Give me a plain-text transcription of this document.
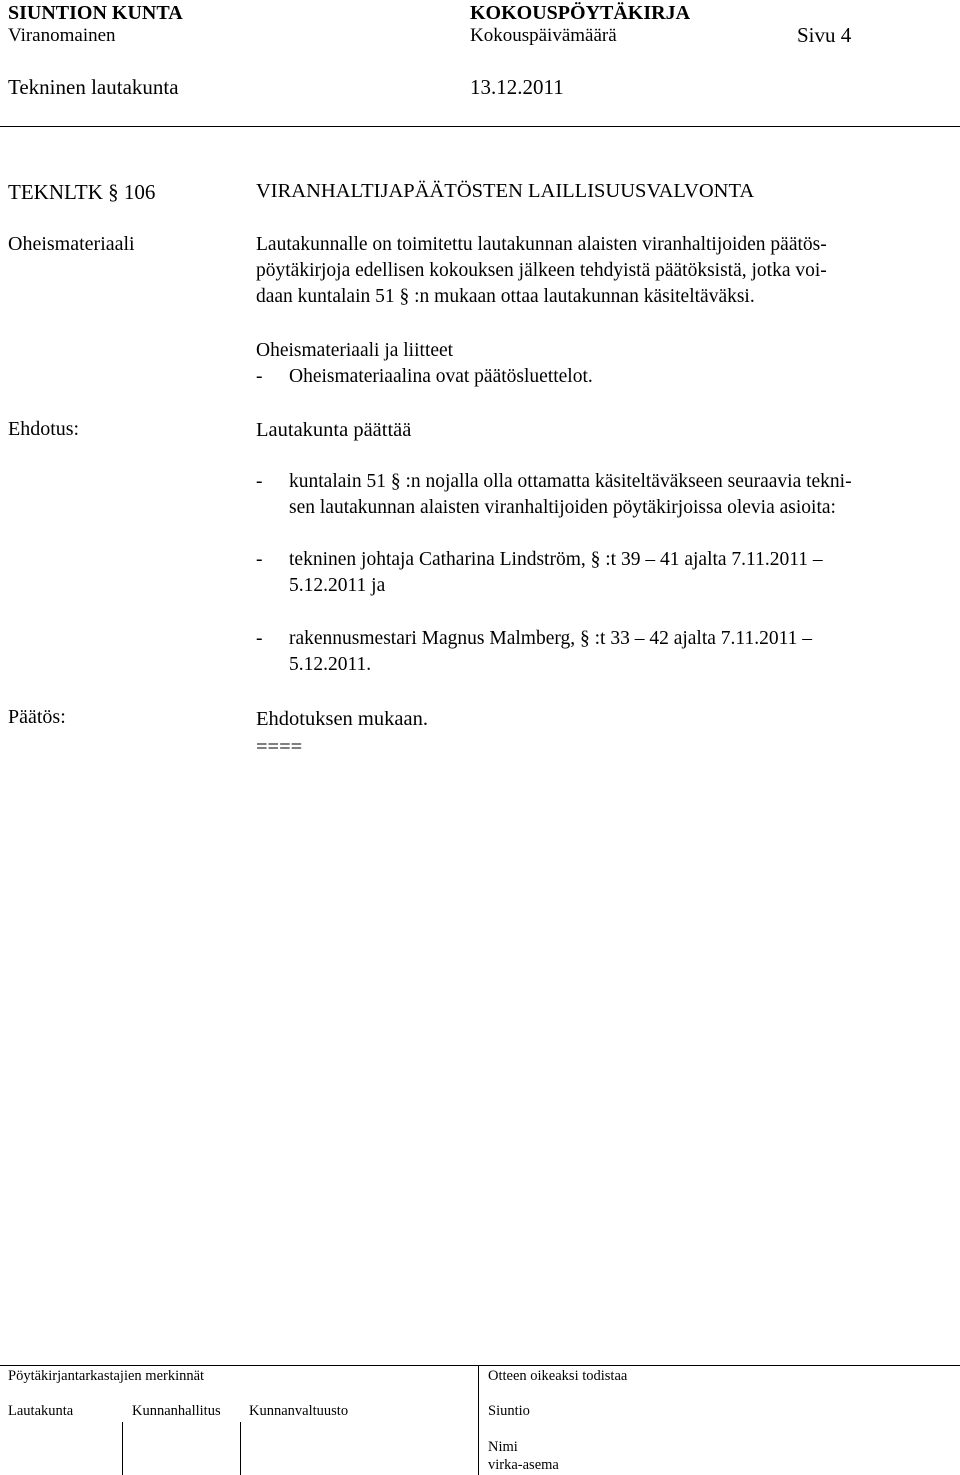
SIUNTION KUNTA	KOKOUSPÖYTÄKIRJA
Viranomainen	Kokouspäivämäärä	Sivu 4
Tekninen lautakunta	13.12.2011
TEKNLTK § 106	VIRANHALTIJAPÄÄTÖSTEN LAILLISUUSVALVONTA
Oheismateriaali	Lautakunnalle on toimitettu lautakunnan alaisten viranhaltijoiden päätös-
pöytäkirjoja edellisen kokouksen jälkeen tehdyistä päätöksistä, jotka voi-
daan kuntalain 51 § :n mukaan ottaa lautakunnan käsiteltäväksi.
Oheismateriaali ja liitteet
- Oheismateriaalina ovat päätösluettelot.
Ehdotus:	Lautakunta päättää
- kuntalain 51 § :n nojalla olla ottamatta käsiteltäväkseen seuraavia tekni-
sen lautakunnan alaisten viranhaltijoiden pöytäkirjoissa olevia asioita:
- tekninen johtaja Catharina Lindström, § :t 39 – 41 ajalta 7.11.2011 –
5.12.2011 ja
- rakennusmestari Magnus Malmberg, § :t 33 – 42 ajalta 7.11.2011 –
5.12.2011.
Päätös:	Ehdotuksen mukaan.
====
Pöytäkirjantarkastajien merkinnät	Otteen oikeaksi todistaa
Lautakunta	Kunnanhallitus Kunnanvaltuusto	Siuntio
Nimi
virka-asema
